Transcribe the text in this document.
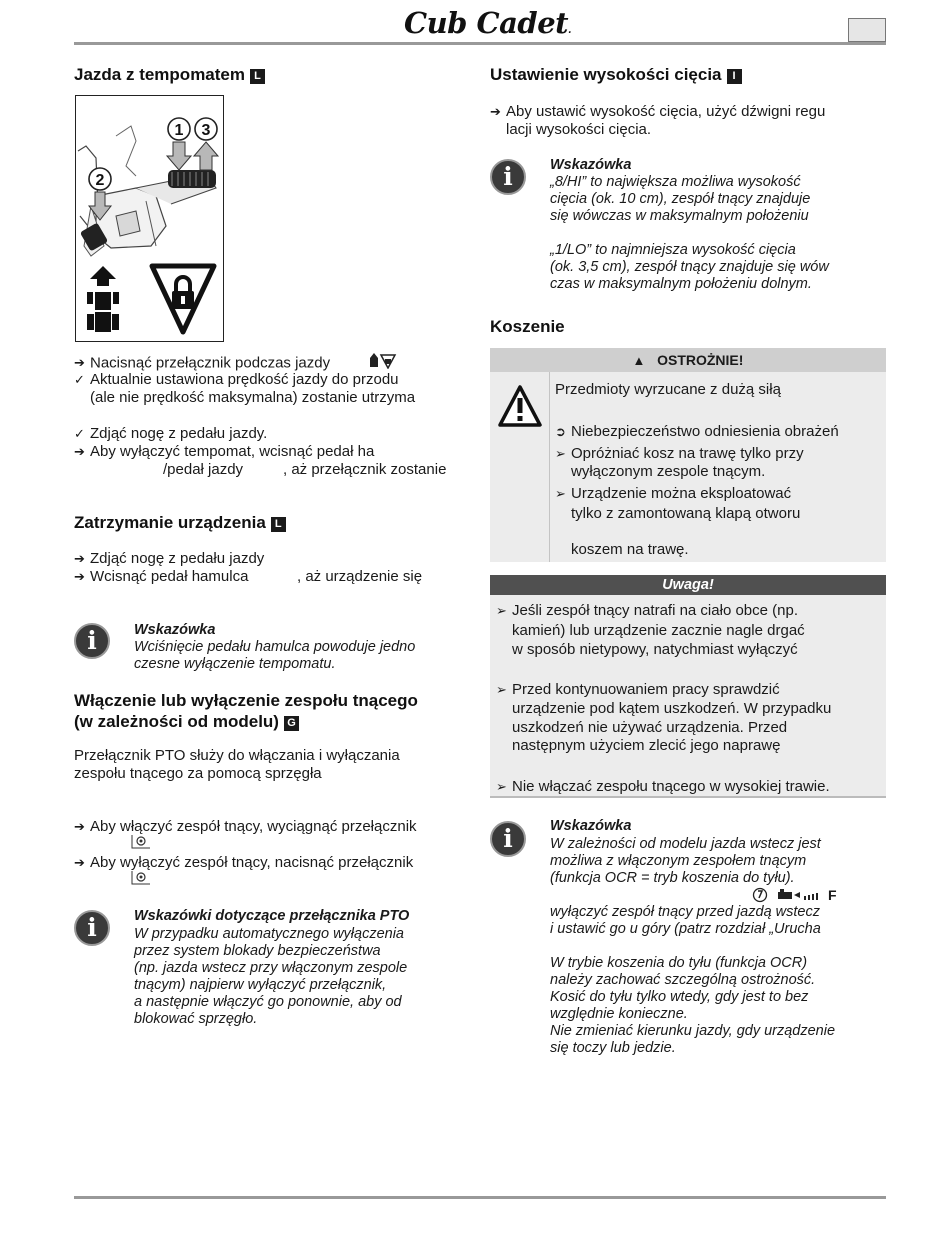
Cub Cadet.
Jazda z tempomatem L
1 3
2
➔ Nacisnąć przełącznik podczas jazdy
✓ Aktualnie ustawiona prędkość jazdy do przodu
(ale nie prędkość maksymalna) zostanie utrzyma
✓ Zdjąć nogę z pedału jazdy.
➔ Aby wyłączyć tempomat, wcisnąć pedał ha
/pedał jazdy	, aż przełącznik zostanie
Zatrzymanie urządzenia L
➔ Zdjąć nogę z pedału jazdy
➔ Wcisnąć pedał hamulca	, aż urządzenie się
i	Wskazówka
Wciśnięcie pedału hamulca powoduje jedno
czesne wyłączenie tempomatu.
Włączenie lub wyłączenie zespołu tnącego
(w zależności od modelu) G
Przełącznik PTO służy do włączania i wyłączania
zespołu tnącego za pomocą sprzęgła
➔ Aby włączyć zespół tnący, wyciągnąć przełącznik
➔ Aby wyłączyć zespół tnący, nacisnąć przełącznik
i	Wskazówki dotyczące przełącznika PTO
W przypadku automatycznego wyłączenia
przez system blokady bezpieczeństwa
(np. jazda wstecz przy włączonym zespole
tnącym) najpierw wyłączyć przełącznik,
a następnie włączyć go ponownie, aby od
blokować sprzęgło.
Ustawienie wysokości cięcia I
➔ Aby ustawić wysokość cięcia, użyć dźwigni regu
lacji wysokości cięcia.
i	Wskazówka
„8/HI” to największa możliwa wysokość
cięcia (ok. 10 cm), zespół tnący znajduje
się wówczas w maksymalnym położeniu
„1/LO” to najmniejsza wysokość cięcia
(ok. 3,5 cm), zespół tnący znajduje się wów
czas w maksymalnym położeniu dolnym.
Koszenie
▲ OSTROŻNIE!
Przedmioty wyrzucane z dużą siłą
➲ Niebezpieczeństwo odniesienia obrażeń
➢ Opróżniać kosz na trawę tylko przy
wyłączonym zespole tnącym.
➢ Urządzenie można eksploatować
tylko z zamontowaną klapą otworu
koszem na trawę.
Uwaga!
➢ Jeśli zespół tnący natrafi na ciało obce (np.
kamień) lub urządzenie zacznie nagle drgać
w sposób nietypowy, natychmiast wyłączyć
➢ Przed kontynuowaniem pracy sprawdzić
urządzenie pod kątem uszkodzeń. W przypadku
uszkodzeń nie używać urządzenia. Przed
następnym użyciem zlecić jego naprawę
➢ Nie włączać zespołu tnącego w wysokiej trawie.
i	Wskazówka
W zależności od modelu jazda wstecz jest
możliwa z włączonym zespołem tnącym
(funkcja OCR = tryb koszenia do tyłu).
F
wyłączyć zespół tnący przed jazdą wstecz
i ustawić go u góry (patrz rozdział „Urucha
W trybie koszenia do tyłu (funkcja OCR)
należy zachować szczególną ostrożność.
Kosić do tyłu tylko wtedy, gdy jest to bez
względnie konieczne.
Nie zmieniać kierunku jazdy, gdy urządzenie
się toczy lub jedzie.
